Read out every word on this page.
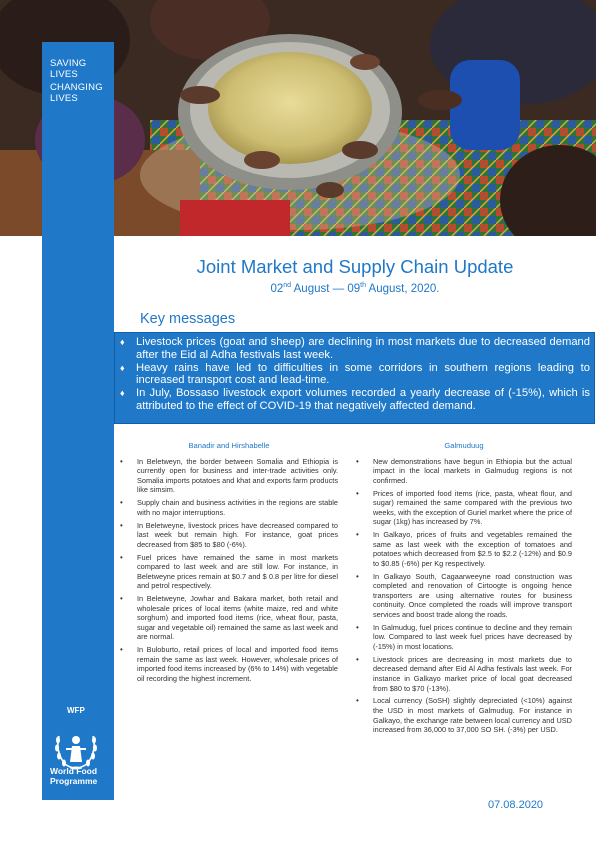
SAVING
LIVES
CHANGING
LIVES
WFP
World Food
Programme
Joint Market and Supply Chain Update
02nd August — 09th August, 2020.
Key messages
♦	Livestock prices (goat and sheep) are declining in most markets due to decreased demand after the Eid al Adha festivals last week.
♦	Heavy rains have led to difficulties in some corridors in southern regions leading to increased transport cost and lead-time.
♦	In July, Bossaso livestock export volumes recorded a yearly decrease of (-15%), which is attributed to the effect of COVID-19 that negatively affected demand.
Banadir and Hirshabelle
•	In Beletweyn, the border between Somalia and Ethiopia is currently open for business and inter-trade activities only. Somalia imports potatoes and khat and exports farm products like simsim.
•	Supply chain and business activities in the regions are stable with no major interruptions.
•	In Beletweyne, livestock prices have decreased compared to last week but remain high. For instance, goat prices decreased from $85 to $80 (-6%).
•	Fuel prices have remained the same in most markets compared to last week and are still low. For instance, in Beletweyne prices remain at $0.7 and $ 0.8 per litre for diesel and petrol respectively.
•	In Beletweyne, Jowhar and Bakara market, both retail and wholesale prices of local items (white maize, red and white sorghum) and imported food items (rice, wheat flour, pasta, sugar and vegetable oil) remained the same as last week and are normal.
•	In Buloburto, retail prices of local and imported food items remain the same as last week. However, wholesale prices of imported food items increased by (6% to 14%) with vegetable oil recording the highest increment.
Galmuduug
•	New demonstrations have begun in Ethiopia but the actual impact in the local markets in Galmudug regions is not confirmed.
•	Prices of imported food items (rice, pasta, wheat flour, and sugar) remained the same compared with the previous two weeks, with the exception of Guriel market where the price of sugar (1kg) has increased by 7%.
•	In Galkayo, prices of fruits and vegetables remained the same as last week with the exception of tomatoes and potatoes which decreased from $2.5 to $2.2 (-12%) and $0.9 to $0.85 (-6%) per Kg respectively.
•	In Galkayo South, Cagaarweeyne road construction was completed and renovation of Cirtoogte is ongoing hence transporters are using alternative routes for business continuity. Once completed the roads will improve transport services and boost trade along the roads.
•	In Galmudug, fuel prices continue to decline and they remain low. Compared to last week fuel prices have decreased by (-15%) in most locations.
•	Livestock prices are decreasing in most markets due to decreased demand after Eid Al Adha festivals last week. For instance in Galkayo market price of local goat decreased from $80 to $70 (-13%).
•	Local currency (SoSH) slightly depreciated (<10%) against the USD in most markets of Galmudug. For instance in Galkayo, the exchange rate between local currency and USD increased from 36,000 to 37,000 SO SH. (-3%) per USD.
07.08.2020
